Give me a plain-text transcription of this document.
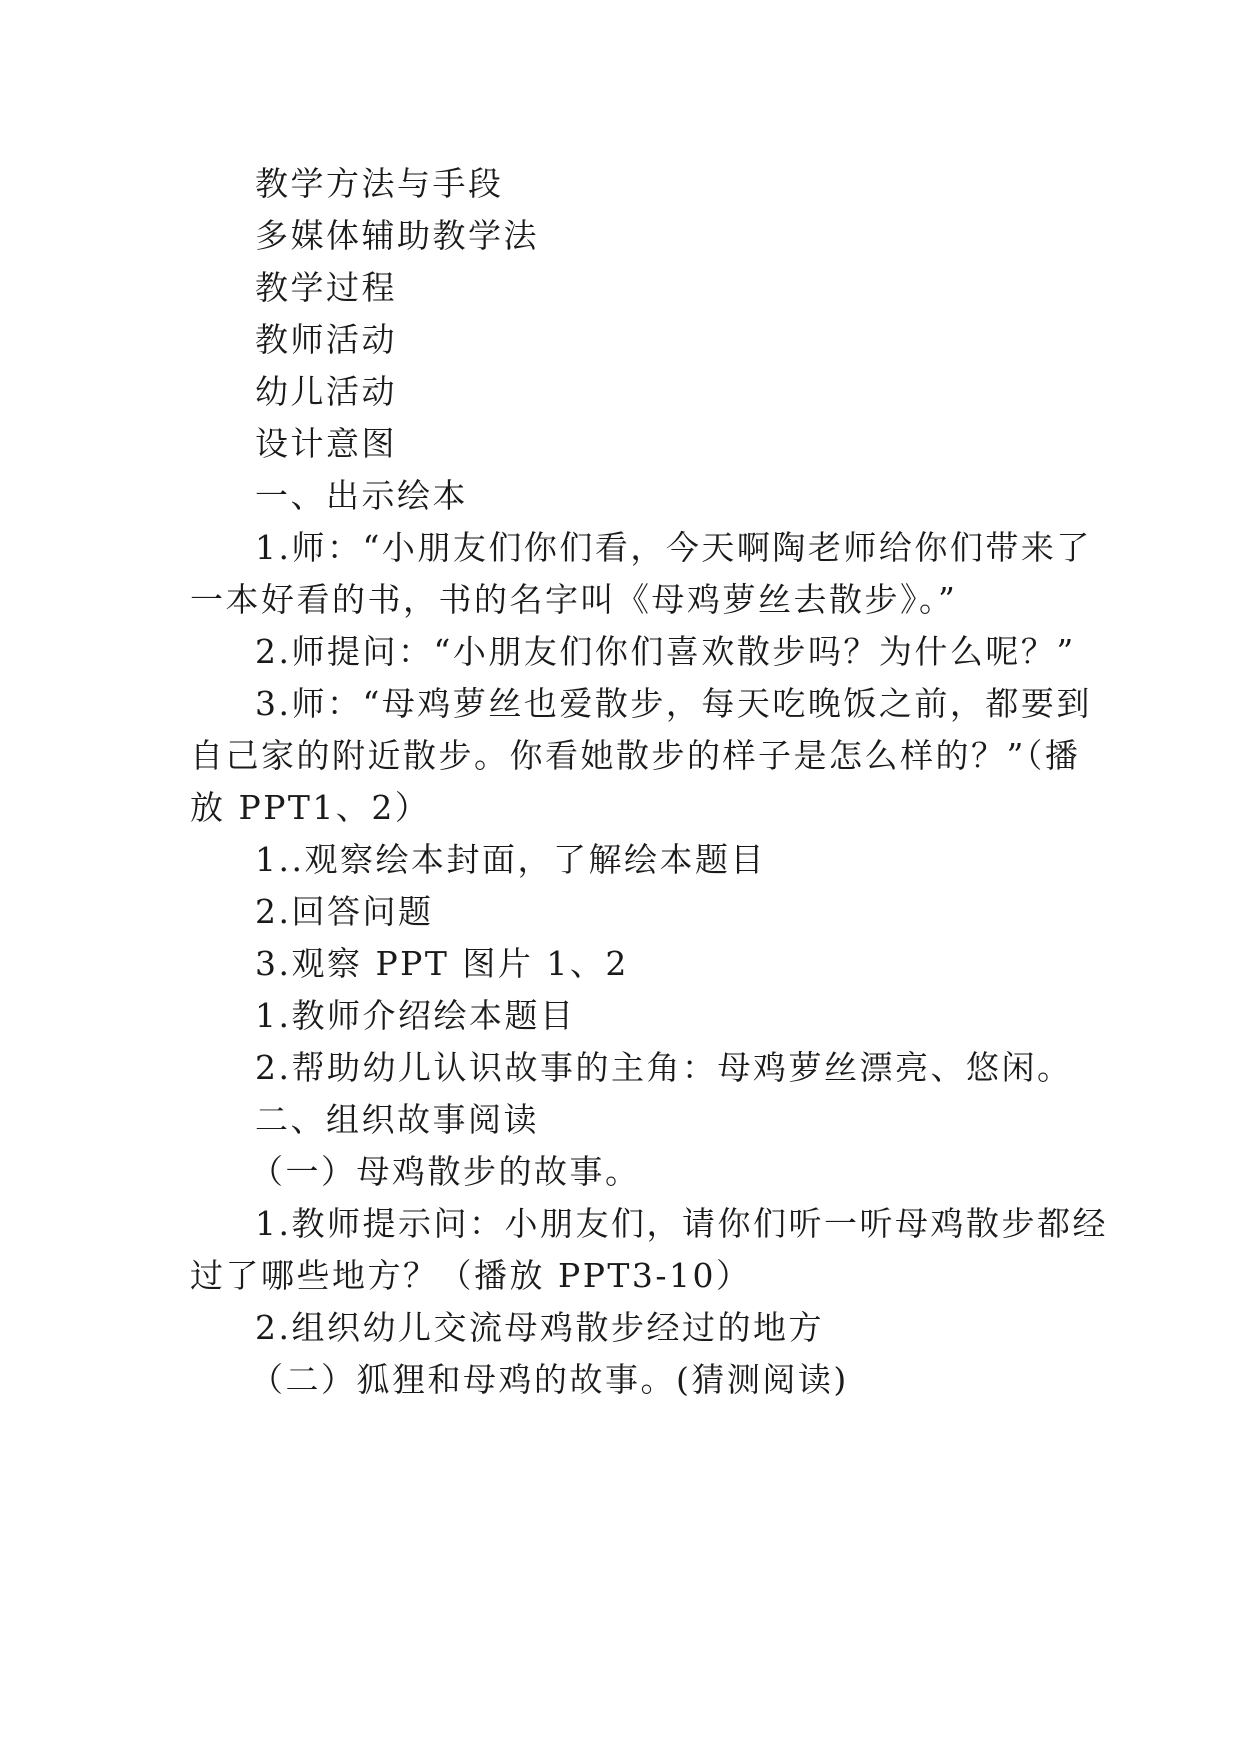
教学方法与手段
多媒体辅助教学法
教学过程
教师活动
幼儿活动
设计意图
一、出示绘本
1.师：“小朋友们你们看，今天啊陶老师给你们带来了
一本好看的书，书的名字叫《母鸡萝丝去散步》。”
2.师提问：“小朋友们你们喜欢散步吗？为什么呢？”
3.师：“母鸡萝丝也爱散步，每天吃晚饭之前，都要到
自己家的附近散步。你看她散步的样子是怎么样的？”（播
放 PPT1、2）
1..观察绘本封面，了解绘本题目
2.回答问题
3.观察 PPT 图片 1、2
1.教师介绍绘本题目
2.帮助幼儿认识故事的主角：母鸡萝丝漂亮、悠闲。
二、组织故事阅读
（一）母鸡散步的故事。
1.教师提示问：小朋友们，请你们听一听母鸡散步都经
过了哪些地方？（播放 PPT3-10）
2.组织幼儿交流母鸡散步经过的地方
（二）狐狸和母鸡的故事。(猜测阅读)
